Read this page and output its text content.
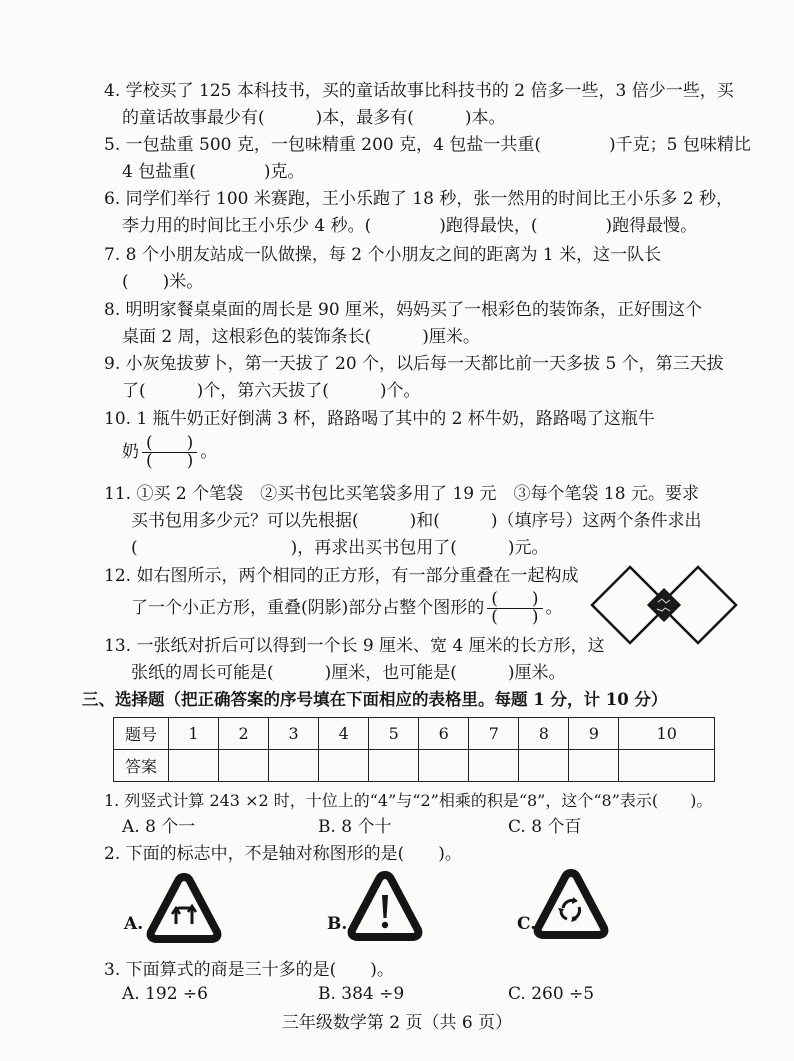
4. 学校买了 125 本科技书，买的童话故事比科技书的 2 倍多一些，3 倍少一些，买
的童话故事最少有(　　　)本，最多有(　　　)本。
5. 一包盐重 500 克，一包味精重 200 克，4 包盐一共重(　　　　)千克；5 包味精比
4 包盐重(　　　　)克。
6. 同学们举行 100 米赛跑，王小乐跑了 18 秒，张一然用的时间比王小乐多 2 秒，
李力用的时间比王小乐少 4 秒。(　　　　)跑得最快，(　　　　)跑得最慢。
7. 8 个小朋友站成一队做操，每 2 个小朋友之间的距离为 1 米，这一队长
(　　)米。
8. 明明家餐桌桌面的周长是 90 厘米，妈妈买了一根彩色的装饰条，正好围这个
桌面 2 周，这根彩色的装饰条长(　　　)厘米。
9. 小灰兔拔萝卜，第一天拔了 20 个，以后每一天都比前一天多拔 5 个，第三天拔
了(　　　)个，第六天拔了(　　　)个。
10. 1 瓶牛奶正好倒满 3 杯，路路喝了其中的 2 杯牛奶，路路喝了这瓶牛
奶 $\frac{( )}{( )}$ 。
11. ①买 2 个笔袋　②买书包比买笔袋多用了 19 元　③每个笔袋 18 元。要求
买书包用多少元？可以先根据(　　　)和(　　　)（填序号）这两个条件求出
(　　　　　　　　　)，再求出买书包用了(　　　)元。
12. 如右图所示，两个相同的正方形，有一部分重叠在一起构成
了一个小正方形，重叠(阴影)部分占整个图形的 $\frac{( )}{( )}$ 。
13. 一张纸对折后可以得到一个长 9 厘米、宽 4 厘米的长方形，这
张纸的周长可能是(　　　)厘米，也可能是(　　　)厘米。
三、选择题（把正确答案的序号填在下面相应的表格里。每题 1 分，计 10 分）
题号	1	2	3	4	5	6	7	8	9	10
答案										
1. 列竖式计算 243 ×2 时，十位上的“4”与“2”相乘的积是“8”，这个“8”表示(　　)。
A. 8 个一	B. 8 个十	C. 8 个百
2. 下面的标志中，不是轴对称图形的是(　　)。
A.	B.	C.
3. 下面算式的商是三十多的是(　　)。
A. 192 ÷6	B. 384 ÷9	C. 260 ÷5
三年级数学第 2 页（共 6 页）
